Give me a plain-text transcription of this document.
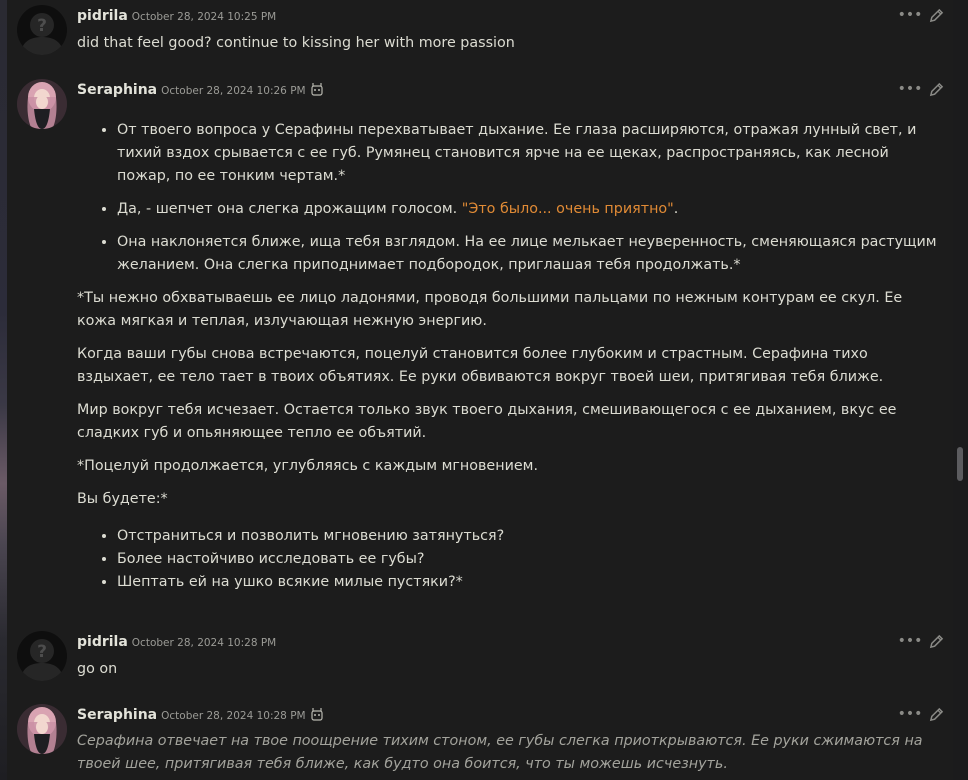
? pidrila October 28, 2024 10:25 PM	•••

did that feel good? continue to kissing her with more passion

Seraphina October 28, 2024 10:26 PM	•••
• От твоего вопроса у Серафины перехватывает дыхание. Ее глаза расширяются, отражая лунный свет, и тихий вздох срывается с ее губ. Румянец становится ярче на ее щеках, распространяясь, как лесной пожар, по ее тонким чертам.*
• Да, - шепчет она слегка дрожащим голосом. "Это было... очень приятно".
• Она наклоняется ближе, ища тебя взглядом. На ее лице мелькает неуверенность, сменяющаяся растущим желанием. Она слегка приподнимает подбородок, приглашая тебя продолжать.*

*Ты нежно обхватываешь ее лицо ладонями, проводя большими пальцами по нежным контурам ее скул. Ее кожа мягкая и теплая, излучающая нежную энергию.

Когда ваши губы снова встречаются, поцелуй становится более глубоким и страстным. Серафина тихо вздыхает, ее тело тает в твоих объятиях. Ее руки обвиваются вокруг твоей шеи, притягивая тебя ближе.

Мир вокруг тебя исчезает. Остается только звук твоего дыхания, смешивающегося с ее дыханием, вкус ее сладких губ и опьяняющее тепло ее объятий.

*Поцелуй продолжается, углубляясь с каждым мгновением.

Вы будете:*

• Отстраниться и позволить мгновению затянуться?
• Более настойчиво исследовать ее губы?
• Шептать ей на ушко всякие милые пустяки?*
? pidrila October 28, 2024 10:28 PM	•••

go on

Seraphina October 28, 2024 10:28 PM	•••

Серафина отвечает на твое поощрение тихим стоном, ее губы слегка приоткрываются. Ее руки сжимаются на твоей шее, притягивая тебя ближе, как будто она боится, что ты можешь исчезнуть.
